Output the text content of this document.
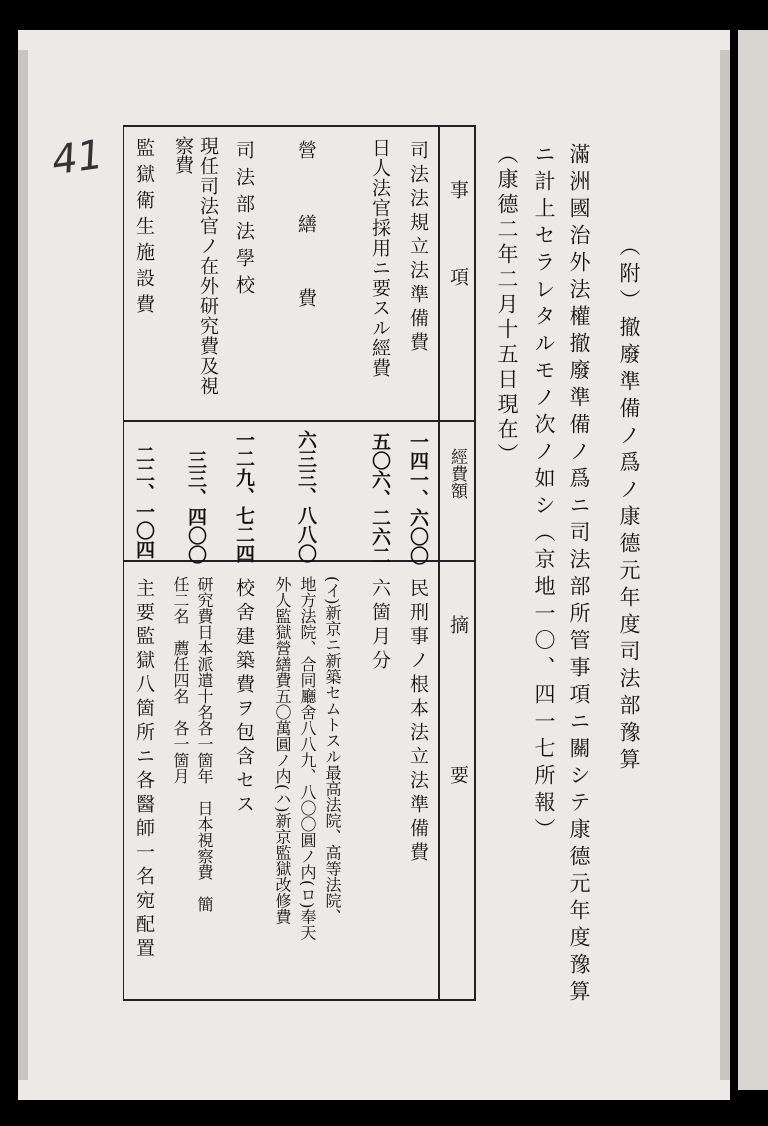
41
（附）撤廢準備ノ爲ノ康德元年度司法部豫算
滿洲國治外法權撤廢準備ノ爲ニ司法部所管事項ニ關シテ康德元年度豫算
ニ計上セラレタルモノ次ノ如シ（京地一〇、四一七所報）
（康德二年二月十五日現在）
事　　項
經費額
摘　　　　　要
司法法規立法準備費
一四一、六〇〇
民刑事ノ根本法立法準備費
日人法官採用ニ要スル經費
五〇六、二六二
六箇月分
營　繕　費
六三三、八八〇
(イ)新京ニ新築セムトスル最高法院、高等法院、
地方法院、合同廳舍八八九、八〇〇圓ノ内(ロ)奉天
外人監獄營繕費五〇萬圓ノ内(ハ)新京監獄改修費
司法部法學校
一二九、七二四
校舍建築費ヲ包含セス
現任司法官ノ在外研究費及視
察費
三三、四〇〇
研究費日本派遣十名各一箇年　日本視察費　簡
任二名　薦任四名　各一箇月
監獄衛生施設費
二二、一〇四
主要監獄八箇所ニ各醫師一名宛配置
